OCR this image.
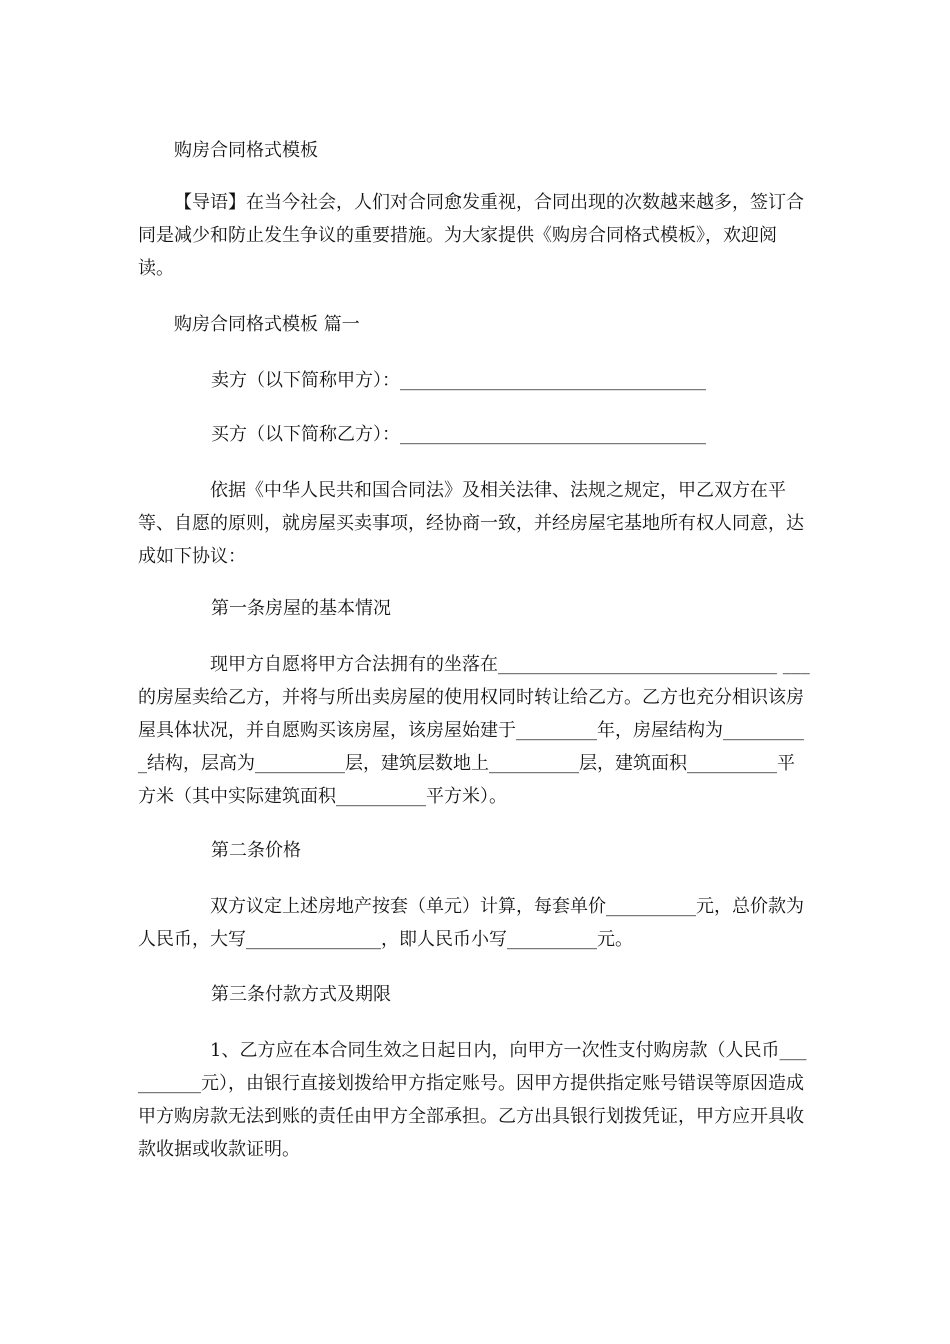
购房合同格式模板

【导语】在当今社会，人们对合同愈发重视，合同出现的次数越来越多，签订合同是减少和防止发生争议的重要措施。为大家提供《购房合同格式模板》，欢迎阅读。

购房合同格式模板 篇一

卖方（以下简称甲方）：__________________________________

买方（以下简称乙方）：__________________________________

依据《中华人民共和国合同法》及相关法律、法规之规定，甲乙双方在平等、自愿的原则，就房屋买卖事项，经协商一致，并经房屋宅基地所有权人同意，达成如下协议：

第一条房屋的基本情况

现甲方自愿将甲方合法拥有的坐落在_______________________________ ___的房屋卖给乙方，并将与所出卖房屋的使用权同时转让给乙方。乙方也充分相识该房屋具体状况，并自愿购买该房屋，该房屋始建于_________年，房屋结构为__________结构，层高为__________层，建筑层数地上__________层，建筑面积__________平方米（其中实际建筑面积__________平方米）。

第二条价格

双方议定上述房地产按套（单元）计算，每套单价__________元，总价款为人民币，大写_______________，即人民币小写__________元。

第三条付款方式及期限

1、乙方应在本合同生效之日起日内，向甲方一次性支付购房款（人民币__________元），由银行直接划拨给甲方指定账号。因甲方提供指定账号错误等原因造成甲方购房款无法到账的责任由甲方全部承担。乙方出具银行划拨凭证，甲方应开具收款收据或收款证明。
